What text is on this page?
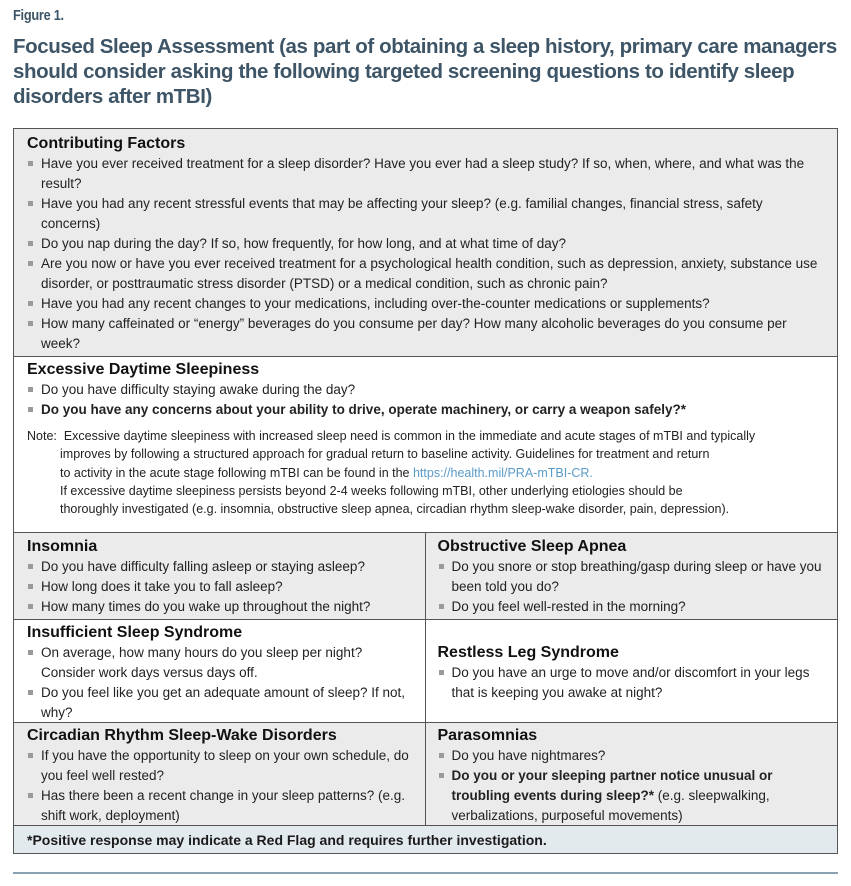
Figure 1.
Focused Sleep Assessment (as part of obtaining a sleep history, primary care managers should consider asking the following targeted screening questions to identify sleep disorders after mTBI)
Contributing Factors
Have you ever received treatment for a sleep disorder? Have you ever had a sleep study? If so, when, where, and what was the result?
Have you had any recent stressful events that may be affecting your sleep? (e.g. familial changes, financial stress, safety concerns)
Do you nap during the day? If so, how frequently, for how long, and at what time of day?
Are you now or have you ever received treatment for a psychological health condition, such as depression, anxiety, substance use disorder, or posttraumatic stress disorder (PTSD) or a medical condition, such as chronic pain?
Have you had any recent changes to your medications, including over-the-counter medications or supplements?
How many caffeinated or “energy” beverages do you consume per day? How many alcoholic beverages do you consume per week?
Excessive Daytime Sleepiness
Do you have difficulty staying awake during the day?
Do you have any concerns about your ability to drive, operate machinery, or carry a weapon safely?*
Note: Excessive daytime sleepiness with increased sleep need is common in the immediate and acute stages of mTBI and typically
improves by following a structured approach for gradual return to baseline activity. Guidelines for treatment and return
to activity in the acute stage following mTBI can be found in the https://health.mil/PRA-mTBI-CR.
If excessive daytime sleepiness persists beyond 2-4 weeks following mTBI, other underlying etiologies should be
thoroughly investigated (e.g. insomnia, obstructive sleep apnea, circadian rhythm sleep-wake disorder, pain, depression).
Insomnia
Do you have difficulty falling asleep or staying asleep?
How long does it take you to fall asleep?
How many times do you wake up throughout the night?
Obstructive Sleep Apnea
Do you snore or stop breathing/gasp during sleep or have you been told you do?
Do you feel well-rested in the morning?
Insufficient Sleep Syndrome
On average, how many hours do you sleep per night? Consider work days versus days off.
Do you feel like you get an adequate amount of sleep? If not, why?
Restless Leg Syndrome
Do you have an urge to move and/or discomfort in your legs that is keeping you awake at night?
Circadian Rhythm Sleep-Wake Disorders
If you have the opportunity to sleep on your own schedule, do you feel well rested?
Has there been a recent change in your sleep patterns? (e.g. shift work, deployment)
Parasomnias
Do you have nightmares?
Do you or your sleeping partner notice unusual or troubling events during sleep?* (e.g. sleepwalking, verbalizations, purposeful movements)
*Positive response may indicate a Red Flag and requires further investigation.
